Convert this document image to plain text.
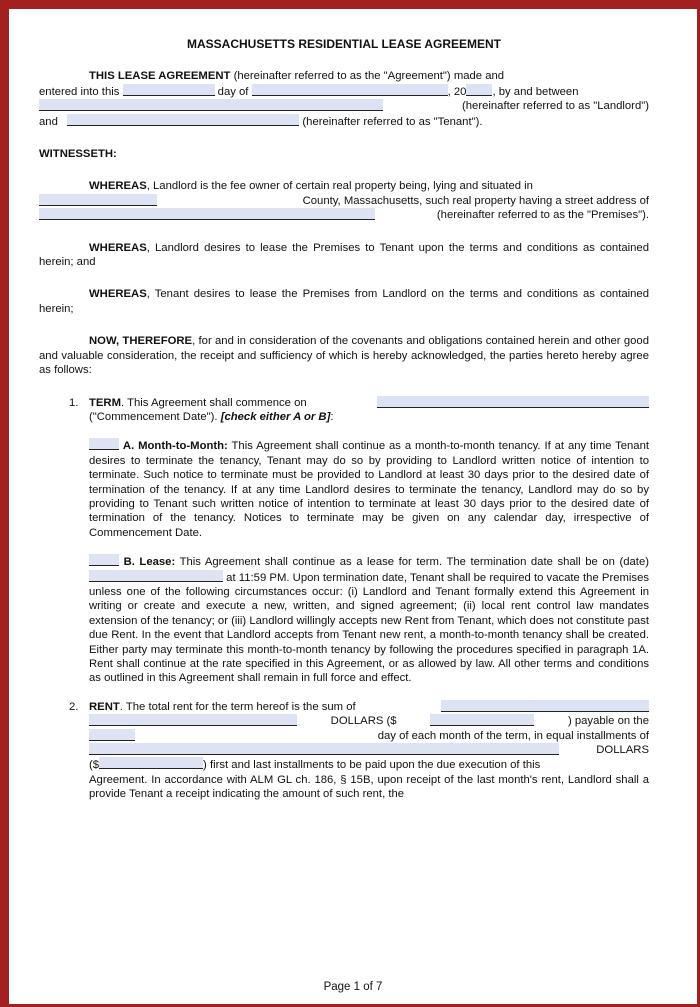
MASSACHUSETTS RESIDENTIAL LEASE AGREEMENT

THIS LEASE AGREEMENT (hereinafter referred to as the "Agreement") made and

entered into this	day of	, 20 , by and between

(hereinafter referred to as "Landlord")

and	(hereinafter referred to as "Tenant").

WITNESSETH:

WHEREAS, Landlord is the fee owner of certain real property being, lying and situated in

County, Massachusetts, such real property having a street address of

(hereinafter referred to as the "Premises").

WHEREAS, Landlord desires to lease the Premises to Tenant upon the terms and conditions as contained herein; and

WHEREAS, Tenant desires to lease the Premises from Landlord on the terms and conditions as contained herein;

NOW, THEREFORE, for and in consideration of the covenants and obligations contained herein and other good and valuable consideration, the receipt and sufficiency of which is hereby acknowledged, the parties hereto hereby agree as follows:

1. TERM. This Agreement shall commence on

("Commencement Date"). [check either A or B]:

A. Month-to-Month: This Agreement shall continue as a month-to-month tenancy. If at any time Tenant desires to terminate the tenancy, Tenant may do so by providing to Landlord written notice of intention to terminate. Such notice to terminate must be provided to Landlord at least 30 days prior to the desired date of termination of the tenancy. If at any time Landlord desires to terminate the tenancy, Landlord may do so by providing to Tenant such written notice of intention to terminate at least 30 days prior to the desired date of termination of the tenancy. Notices to terminate may be given on any calendar day, irrespective of Commencement Date.

B. Lease: This Agreement shall continue as a lease for term. The termination date shall be on (date)  at 11:59 PM. Upon termination date, Tenant shall be required to vacate the Premises unless one of the following circumstances occur: (i) Landlord and Tenant formally extend this Agreement in writing or create and execute a new, written, and signed agreement; (ii) local rent control law mandates extension of the tenancy; or (iii) Landlord willingly accepts new Rent from Tenant, which does not constitute past due Rent. In the event that Landlord accepts from Tenant new rent, a month-to-month tenancy shall be created. Either party may terminate this month-to-month tenancy by following the procedures specified in paragraph 1A. Rent shall continue at the rate specified in this Agreement, or as allowed by law. All other terms and conditions as outlined in this Agreement shall remain in full force and effect.

2. RENT. The total rent for the term hereof is the sum of

DOLLARS ($	) payable on the

day of each month of the term, in equal installments of

DOLLARS

($	) first and last installments to be paid upon the due execution of this

Agreement. In accordance with ALM GL ch. 186, § 15B, upon receipt of the last month's rent, Landlord shall a provide Tenant a receipt indicating the amount of such rent, the

Page 1 of 7
